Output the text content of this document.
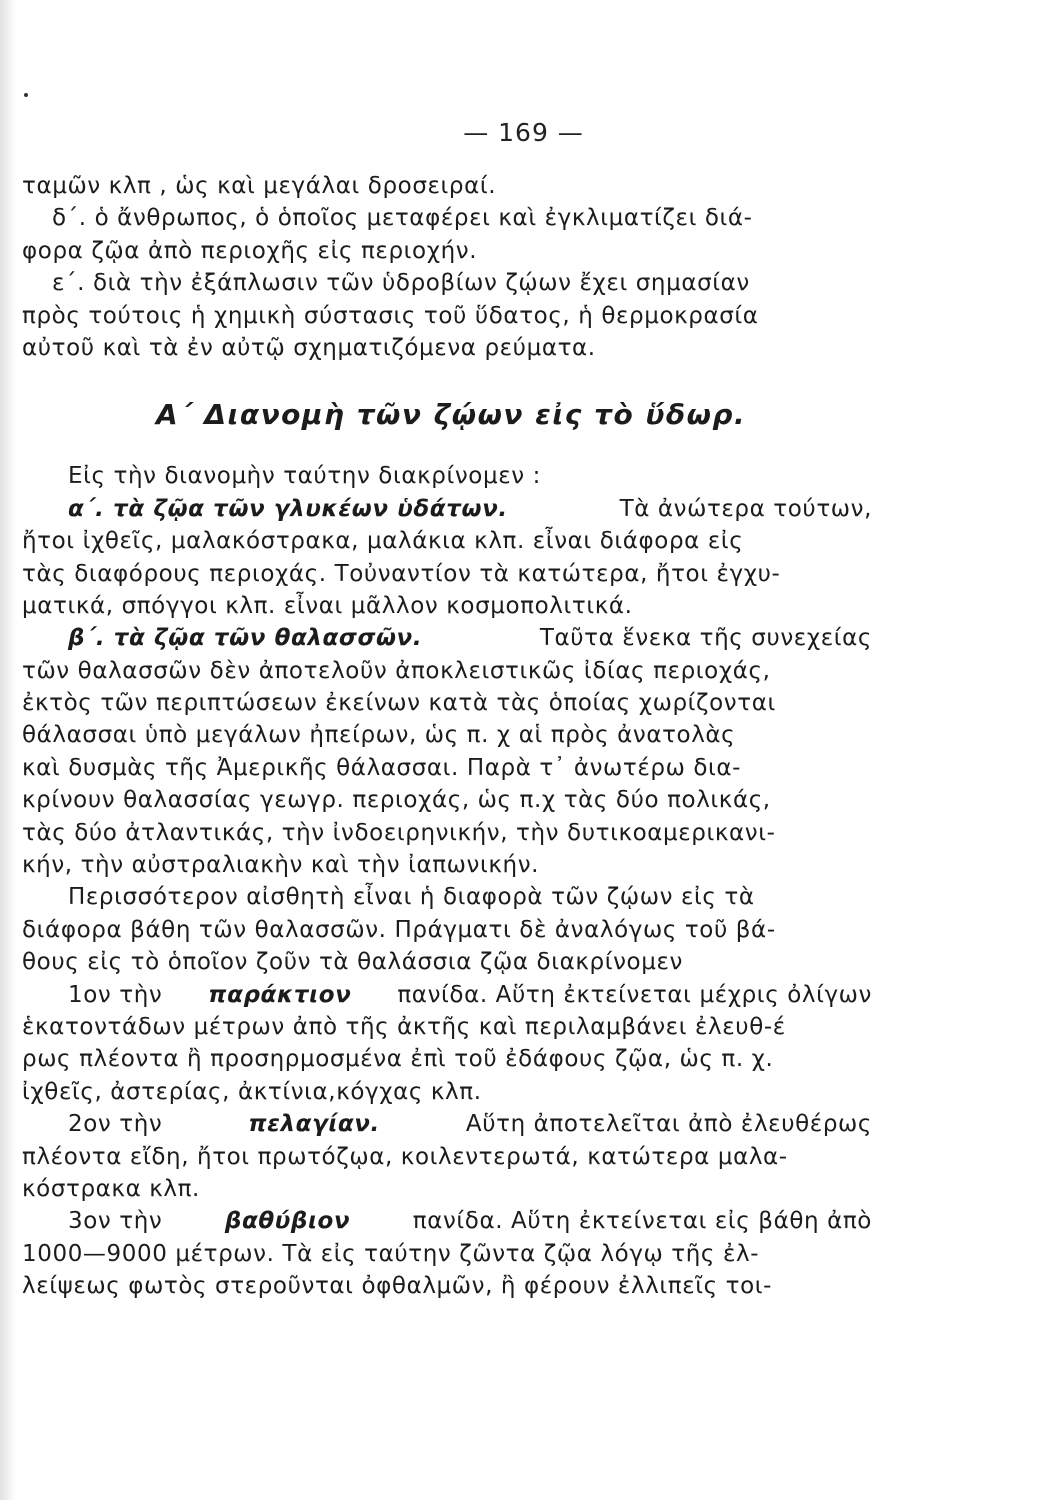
— 169 —
ταμῶν κλπ , ὡς καὶ μεγάλαι δροσειραί.
δ΄. ὁ ἄνθρωπος, ὁ ὁποῖος μεταφέρει καὶ ἐγκλιματίζει διά-
φορα ζῷα ἀπὸ περιοχῆς εἰς περιοχήν.
ε΄. διὰ τὴν ἐξάπλωσιν τῶν ὑδροβίων ζῴων ἔχει σημασίαν
πρὸς τούτοις ἡ χημικὴ σύστασις τοῦ ὕδατος, ἡ θερμοκρασία
αὐτοῦ καὶ τὰ ἐν αὐτῷ σχηματιζόμενα ρεύματα.
Α΄ Διανομὴ τῶν ζῴων εἰς τὸ ὕδωρ.
Εἰς τὴν διανομὴν ταύτην διακρίνομεν :
α΄. τὰ ζῷα τῶν γλυκέων ὑδάτων.	Τὰ ἀνώτερα τούτων,
ἤτοι ἰχθεῖς, μαλακόστρακα, μαλάκια κλπ. εἶναι διάφορα εἰς
τὰς διαφόρους περιοχάς. Τοὐναντίον τὰ κατώτερα, ἤτοι ἐγχυ-
ματικά, σπόγγοι κλπ. εἶναι μᾶλλον κοσμοπολιτικά.
β΄. τὰ ζῷα τῶν θαλασσῶν.	Ταῦτα ἕνεκα τῆς συνεχείας
τῶν θαλασσῶν δὲν ἀποτελοῦν ἀποκλειστικῶς ἰδίας περιοχάς,
ἐκτὸς τῶν περιπτώσεων ἐκείνων κατὰ τὰς ὁποίας χωρίζονται
θάλασσαι ὑπὸ μεγάλων ἠπείρων, ὡς π. χ αἱ πρὸς ἀνατολὰς
καὶ δυσμὰς τῆς Ἀμερικῆς θάλασσαι. Παρὰ τ᾽ ἀνωτέρω δια-
κρίνουν θαλασσίας γεωγρ. περιοχάς, ὡς π.χ τὰς δύο πολικάς,
τὰς δύο ἀτλαντικάς, τὴν ἰνδοειρηνικήν, τὴν δυτικοαμερικανι-
κήν, τὴν αὐστραλιακὴν καὶ τὴν ἰαπωνικήν.
Περισσότερον αἰσθητὴ εἶναι ἡ διαφορὰ τῶν ζῴων εἰς τὰ
διάφορα βάθη τῶν θαλασσῶν. Πράγματι δὲ ἀναλόγως τοῦ βά-
θους εἰς τὸ ὁποῖον ζοῦν τὰ θαλάσσια ζῷα διακρίνομεν
1ον τὴν παράκτιον πανίδα. Αὕτη ἐκτείνεται μέχρις ὀλίγων
ἑκατοντάδων μέτρων ἀπὸ τῆς ἀκτῆς καὶ περιλαμβάνει ἐλευθ-έ
ρως πλέοντα ἢ προσηρμοσμένα ἐπὶ τοῦ ἐδάφους ζῷα, ὡς π. χ.
ἰχθεῖς, ἀστερίας, ἀκτίνια,κόγχας κλπ.
2ον τὴν	πελαγίαν.	Αὕτη ἀποτελεῖται ἀπὸ ἐλευθέρως
πλέοντα εἴδη, ἤτοι πρωτόζῳα, κοιλεντερωτά, κατώτερα μαλα-
κόστρακα κλπ.
3ον τὴν	βαθύβιον	πανίδα. Αὕτη ἐκτείνεται εἰς βάθη ἀπὸ
1000—9000 μέτρων. Τὰ εἰς ταύτην ζῶντα ζῷα λόγῳ τῆς ἐλ-
λείψεως φωτὸς στεροῦνται ὀφθαλμῶν, ἢ φέρουν ἐλλιπεῖς τοι-
